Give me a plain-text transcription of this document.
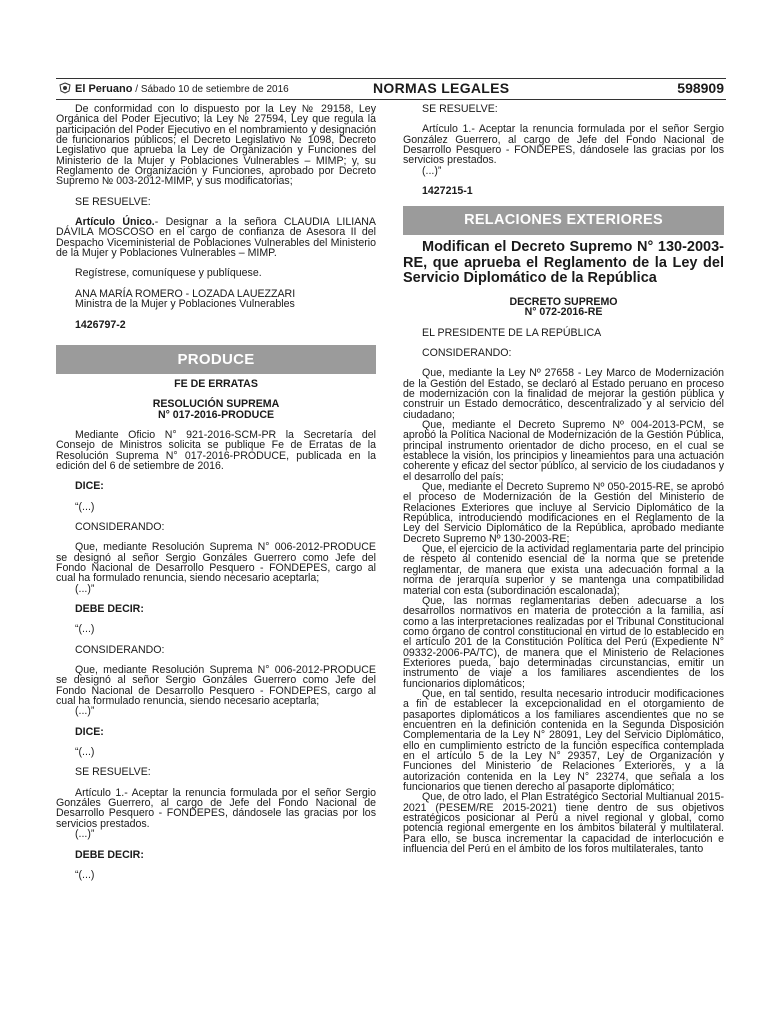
El Peruano / Sábado 10 de setiembre de 2016	NORMAS LEGALES	598909

De conformidad con lo dispuesto por la Ley № 29158, Ley Orgánica del Poder Ejecutivo; la Ley № 27594, Ley que regula la participación del Poder Ejecutivo en el nombramiento y designación de funcionarios públicos; el Decreto Legislativo № 1098, Decreto Legislativo que aprueba la Ley de Organización y Funciones del Ministerio de la Mujer y Poblaciones Vulnerables – MIMP; y, su Reglamento de Organización y Funciones, aprobado por Decreto Supremo № 003-2012-MIMP, y sus modificatorias;

SE RESUELVE:

Artículo Único.- Designar a la señora CLAUDIA LILIANA DÁVILA MOSCOSO en el cargo de confianza de Asesora II del Despacho Viceministerial de Poblaciones Vulnerables del Ministerio de la Mujer y Poblaciones Vulnerables – MIMP.

Regístrese, comuníquese y publíquese.

ANA MARÍA ROMERO - LOZADA LAUEZZARI

Ministra de la Mujer y Poblaciones Vulnerables

1426797-2

PRODUCE

FE DE ERRATAS

RESOLUCIÓN SUPREMA

N° 017-2016-PRODUCE

Mediante Oficio N° 921-2016-SCM-PR la Secretaría del Consejo de Ministros solicita se publique Fe de Erratas de la Resolución Suprema N° 017-2016-PRODUCE, publicada en la edición del 6 de setiembre de 2016.

DICE:

“(...)

CONSIDERANDO:

Que, mediante Resolución Suprema N° 006-2012-PRODUCE se designó al señor Sergio Gonzáles Guerrero como Jefe del Fondo Nacional de Desarrollo Pesquero - FONDEPES, cargo al cual ha formulado renuncia, siendo necesario aceptarla;

(...)”

DEBE DECIR:

“(...)

CONSIDERANDO:

Que, mediante Resolución Suprema N° 006-2012-PRODUCE se designó al señor Sergio Gonzáles Guerrero como Jefe del Fondo Nacional de Desarrollo Pesquero - FONDEPES, cargo al cual ha formulado renuncia, siendo necesario aceptarla;

(...)”

DICE:

“(...)

SE RESUELVE:

Artículo 1.- Aceptar la renuncia formulada por el señor Sergio Gonzáles Guerrero, al cargo de Jefe del Fondo Nacional de Desarrollo Pesquero - FONDEPES, dándosele las gracias por los servicios prestados.

(...)”

DEBE DECIR:

“(...)

SE RESUELVE:

Artículo 1.- Aceptar la renuncia formulada por el señor Sergio González Guerrero, al cargo de Jefe del Fondo Nacional de Desarrollo Pesquero - FONDEPES, dándosele las gracias por los servicios prestados.

(...)”

1427215-1

RELACIONES EXTERIORES

Modifican el Decreto Supremo N° 130-2003-RE, que aprueba el Reglamento de la Ley del Servicio Diplomático de la República

DECRETO SUPREMO

N° 072-2016-RE

EL PRESIDENTE DE LA REPÚBLICA

CONSIDERANDO:

Que, mediante la Ley Nº 27658 - Ley Marco de Modernización de la Gestión del Estado, se declaró al Estado peruano en proceso de modernización con la finalidad de mejorar la gestión pública y construir un Estado democrático, descentralizado y al servicio del ciudadano;

Que, mediante el Decreto Supremo Nº 004-2013-PCM, se aprobó la Política Nacional de Modernización de la Gestión Pública, principal instrumento orientador de dicho proceso, en el cual se establece la visión, los principios y lineamientos para una actuación coherente y eficaz del sector público, al servicio de los ciudadanos y el desarrollo del país;

Que, mediante el Decreto Supremo Nº 050-2015-RE, se aprobó el proceso de Modernización de la Gestión del Ministerio de Relaciones Exteriores que incluye al Servicio Diplomático de la República, introduciendo modificaciones en el Reglamento de la Ley del Servicio Diplomático de la República, aprobado mediante Decreto Supremo Nº 130-2003-RE;

Que, el ejercicio de la actividad reglamentaria parte del principio de respeto al contenido esencial de la norma que se pretende reglamentar, de manera que exista una adecuación formal a la norma de jerarquía superior y se mantenga una compatibilidad material con esta (subordinación escalonada);

Que, las normas reglamentarias deben adecuarse a los desarrollos normativos en materia de protección a la familia, así como a las interpretaciones realizadas por el Tribunal Constitucional como órgano de control constitucional en virtud de lo establecido en el artículo 201 de la Constitución Política del Perú (Expediente N° 09332-2006-PA/TC), de manera que el Ministerio de Relaciones Exteriores pueda, bajo determinadas circunstancias, emitir un instrumento de viaje a los familiares ascendientes de los funcionarios diplomáticos;

Que, en tal sentido, resulta necesario introducir modificaciones a fin de establecer la excepcionalidad en el otorgamiento de pasaportes diplomáticos a los familiares ascendientes que no se encuentren en la definición contenida en la Segunda Disposición Complementaria de la Ley N° 28091, Ley del Servicio Diplomático, ello en cumplimiento estricto de la función específica contemplada en el artículo 5 de la Ley N° 29357, Ley de Organización y Funciones del Ministerio de Relaciones Exteriores, y a la autorización contenida en la Ley N° 23274, que señala a los funcionarios que tienen derecho al pasaporte diplomático;

Que, de otro lado, el Plan Estratégico Sectorial Multianual 2015-2021 (PESEM/RE 2015-2021) tiene dentro de sus objetivos estratégicos posicionar al Perú a nivel regional y global, como potencia regional emergente en los ámbitos bilateral y multilateral. Para ello, se busca incrementar la capacidad de interlocución e influencia del Perú en el ámbito de los foros multilaterales, tanto
